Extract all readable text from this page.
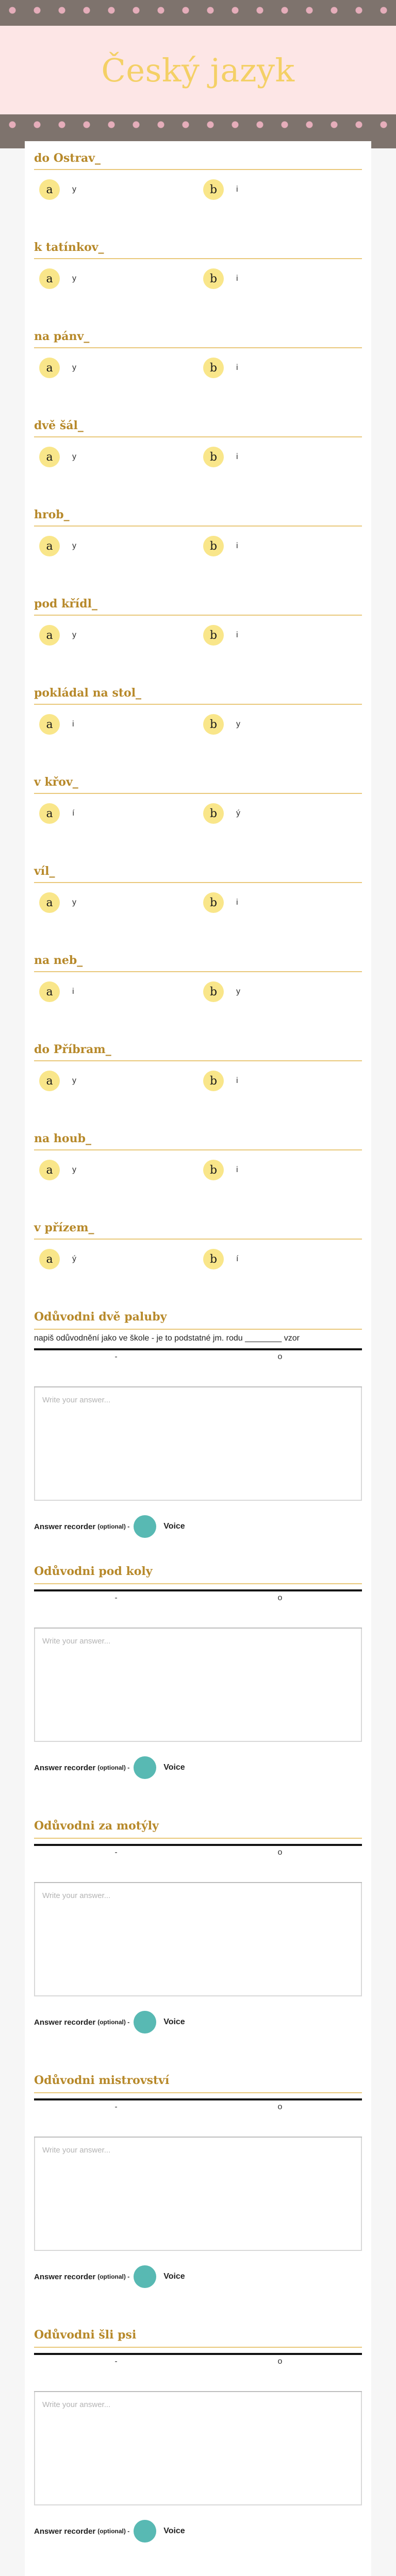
Český jazyk
do Ostrav_
a	y	b	i
k tatínkov_
a	y	b	i
na pánv_
a	y	b	i
dvě šál_
a	y	b	i
hrob_
a	y	b	i
pod křídl_
a	y	b	i
pokládal na stol_
a	i	b	y
v křov_
a	í	b	ý
víl_
a	y	b	i
na neb_
a	i	b	y
do Příbram_
a	y	b	i
na houb_
a	y	b	i
v přízem_
a	ý	b	í
Odůvodni dvě paluby
napiš odůvodnění jako ve škole - je to podstatné jm. rodu ________ vzor
-	o
Write your answer...
Answer recorder (optional) -	Voice
Odůvodni pod koly
-	o
Write your answer...
Answer recorder (optional) -	Voice
Odůvodni za motýly
-	o
Write your answer...
Answer recorder (optional) -	Voice
Odůvodni mistrovství
-	o
Write your answer...
Answer recorder (optional) -	Voice
Odůvodni šli psi
-	o
Write your answer...
Answer recorder (optional) -	Voice
